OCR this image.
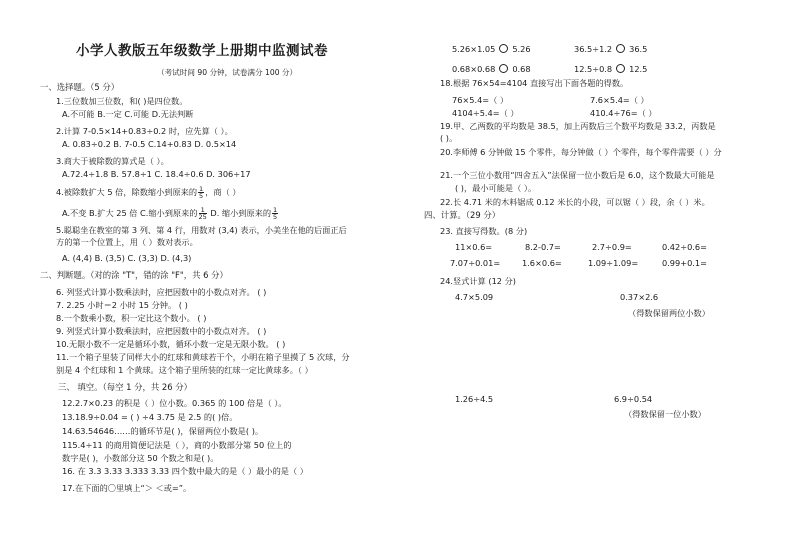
小学人教版五年级数学上册期中监测试卷
（考试时间 90 分钟，试卷满分 100 分）
一、选择题。（5 分）
1.三位数加三位数，和( )是四位数。
A.不可能 B.一定 C.可能 D.无法判断
2.计算 7-0.5×14+0.83÷0.2 时，应先算（ ）。
A. 0.83÷0.2 B. 7-0.5 C.14+0.83 D. 0.5×14
3.商大于被除数的算式是（ ）。
A.72.4÷1.8 B. 57.8÷1 C. 18.4÷0.6 D. 306÷17
4.被除数扩大 5 倍，除数缩小到原来的 $\frac{1}{5}$ ，商（ ）
A.不变 B.扩大 25 倍 C.缩小到原来的 $\frac{1}{25} D$. 缩小到原来的 $\frac{1}{5}$
5.聪聪坐在教室的第 3 列、第 4 行，用数对 (3,4) 表示，小美坐在他的后面正后
方的第一个位置上，用（ ）数对表示。
A. (4,4) B. (3,5) C. (3,3) D. (4,3)
二、判断题。（对的涂 "T"，错的涂 "F"，共 6 分）
6. 列竖式计算小数乘法时，应把因数中的小数点对齐。 ( )
7. 2.25 小时＝2 小时 15 分钟。 ( )
8.一个数乘小数，积一定比这个数小。 ( )
9. 列竖式计算小数乘法时，应把因数中的小数点对齐。 ( )
10.无限小数不一定是循环小数，循环小数一定是无限小数。 ( )
11.一个箱子里装了同样大小的红球和黄球若干个，小明在箱子里摸了 5 次球，分
别是 4 个红球和 1 个黄球。这个箱子里所装的红球一定比黄球多。（ ）
三、 填空。（每空 1 分，共 26 分）
12.2.7×0.23 的积是（ ）位小数。0.365 的 100 倍是（ ）。
13.18.9÷0.04 = ( ) ÷4 3.75 是 2.5 的( )倍。
14.63.54646……的循环节是( )，保留两位小数是( )。
115.4÷11 的商用简便记法是（ ），商的小数部分第 50 位上的
数字是( )，小数部分这 50 个数之和是( )。
16. 在 3.3 3.33 3.333 3.33 四个数中最大的是（ ）最小的是（ ）
17.在下面的〇里填上“＞ ＜或=”。
5.26×1.05 5.26	36.5÷1.2 36.5
0.68×0.68 0.68	12.5÷0.8 12.5
18.根据 76×54=4104 直接写出下面各题的得数。
76×5.4=（ ）	7.6×5.4=（ ）
4104÷5.4=（ ）	410.4÷76=（ ）
19.甲、乙两数的平均数是 38.5，加上丙数后三个数平均数是 33.2，丙数是
( )。
20.李师傅 6 分钟做 15 个零件，每分钟做（ ）个零件，每个零件需要（ ）分
21.一个三位小数用“四舍五入”法保留一位小数后是 6.0，这个数最大可能是
( )，最小可能是（ ）。
22.长 4.71 米的木料锯成 0.12 米长的小段，可以锯（ ）段，余（ ）米。
四、计算。（29 分）
23. 直接写得数。(8 分)
11×0.6=	8.2-0.7=	2.7÷0.9=	0.42÷0.6=
7.07÷0.01=	1.6×0.6=	1.09÷1.09=	0.99+0.1=
24.竖式计算 (12 分)
4.7×5.09	0.37×2.6
（得数保留两位小数）
1.26÷4.5	6.9÷0.54
（得数保留一位小数）
